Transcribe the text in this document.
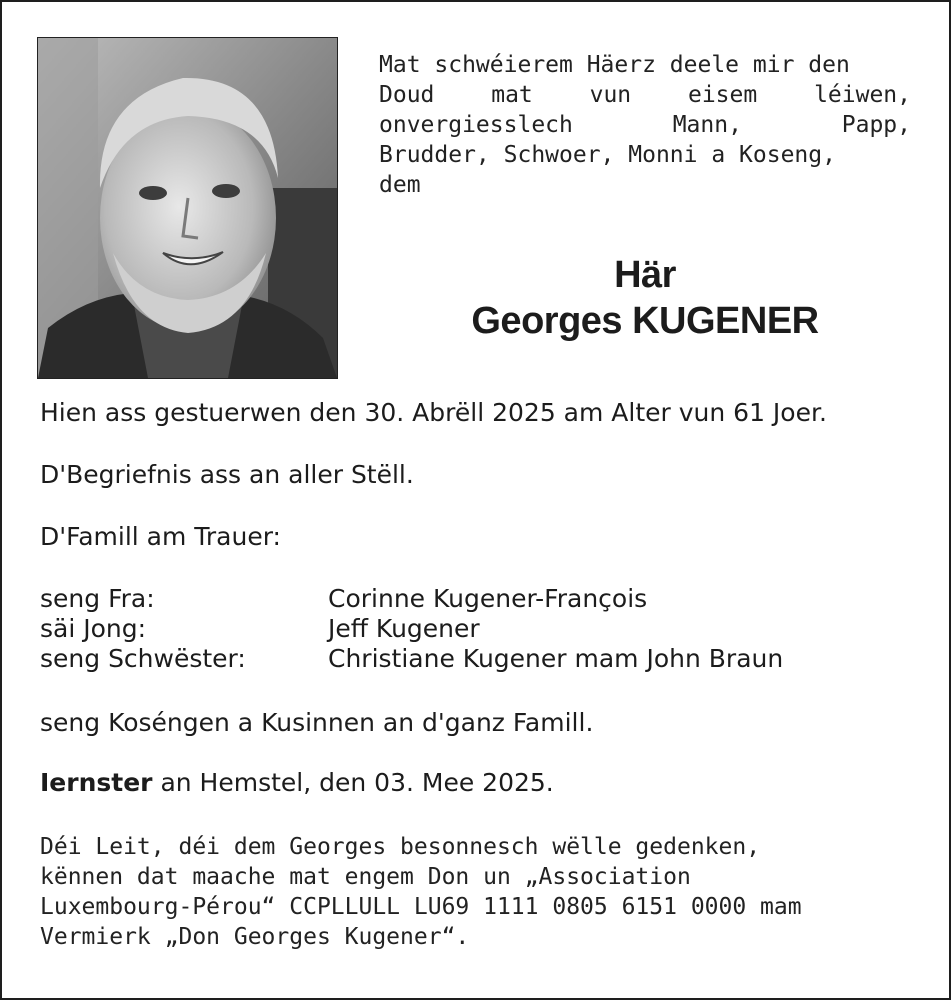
Mat schwéierem Häerz deele mir den
Doud mat vun eisem léiwen,
onvergiesslech Mann, Papp,
Brudder, Schwoer, Monni a Koseng,
dem
Här
Georges KUGENER
Hien ass gestuerwen den 30. Abrëll 2025 am Alter vun 61 Joer.
D'Begriefnis ass an aller Stëll.
D'Famill am Trauer:
seng Fra:	Corinne Kugener-François
säi Jong:	Jeff Kugener
seng Schwëster:	Christiane Kugener mam John Braun
seng Koséngen a Kusinnen an d'ganz Famill.
Iernster an Hemstel, den 03. Mee 2025.
Déi Leit, déi dem Georges besonnesch wëlle gedenken,
kënnen dat maache mat engem Don un „Association
Luxembourg-Pérou“ CCPLLULL LU69 1111 0805 6151 0000 mam
Vermierk „Don Georges Kugener“.
